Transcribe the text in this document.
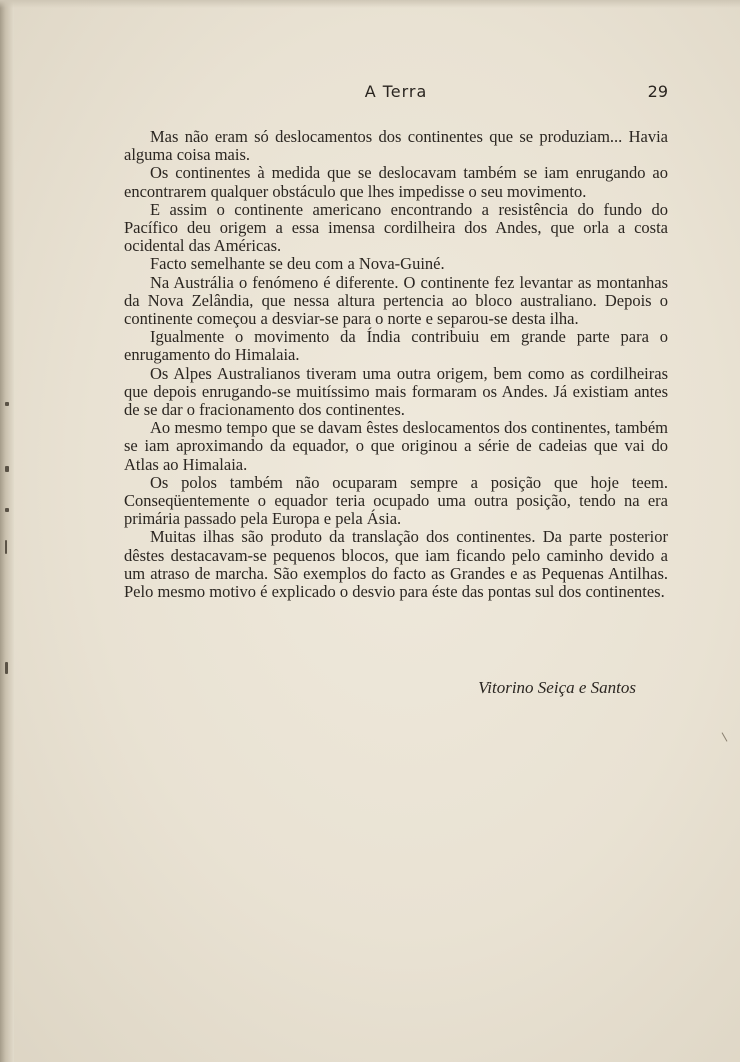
A Terra	29

Mas não eram só deslocamentos dos continentes que se produziam... Havia alguma coisa mais.

Os continentes à medida que se deslocavam também se iam enrugando ao encontrarem qualquer obstáculo que lhes impedisse o seu movimento.

E assim o continente americano encontrando a resistência do fundo do Pacífico deu origem a essa imensa cordilheira dos Andes, que orla a costa ocidental das Américas.

Facto semelhante se deu com a Nova-Guiné.

Na Austrália o fenómeno é diferente. O continente fez levantar as montanhas da Nova Zelândia, que nessa altura pertencia ao bloco australiano. Depois o continente começou a desviar-se para o norte e separou-se desta ilha.

Igualmente o movimento da Índia contribuiu em grande parte para o enrugamento do Himalaia.

Os Alpes Australianos tiveram uma outra origem, bem como as cordilheiras que depois enrugando-se muitíssimo mais formaram os Andes. Já existiam antes de se dar o fracionamento dos continentes.

Ao mesmo tempo que se davam êstes deslocamentos dos continentes, também se iam aproximando da equador, o que originou a série de cadeias que vai do Atlas ao Himalaia.

Os polos também não ocuparam sempre a posição que hoje teem. Conseqüentemente o equador teria ocupado uma outra posição, tendo na era primária passado pela Europa e pela Ásia.

Muitas ilhas são produto da translação dos continentes. Da parte posterior dêstes destacavam-se pequenos blocos, que iam ficando pelo caminho devido a um atraso de marcha. São exemplos do facto as Grandes e as Pequenas Antilhas. Pelo mesmo motivo é explicado o desvio para éste das pontas sul dos continentes.

Vitorino Seiça e Santos
